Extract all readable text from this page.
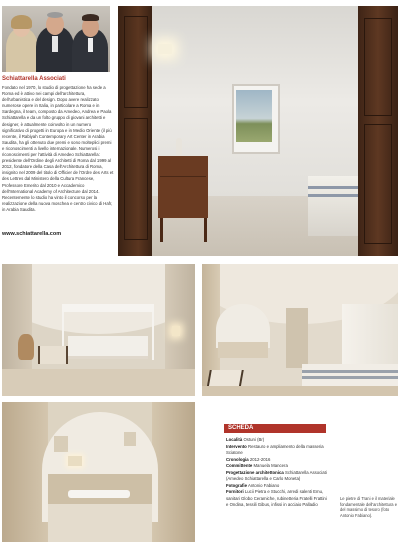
Schiattarella Associati
Fondato nel 1970, lo studio di progettazione ha sede a Roma ed è attivo nei campi dell'architettura, dell'urbanistica e del design. Dopo avere realizzato numerose opere in Italia, in particolare a Roma e in Sardegna, il team, composto da Amedeo, Andrea e Paola Schiattarella e da un folto gruppo di giovani architetti e designer, è attualmente coinvolto in un numero significativo di progetti in Europa e in Medio Oriente (il più recente, il Rabiyah Contemporary Art Center in Arabia Saudita, ha gli ottenuto due premi e sono molteplici premi e riconoscimenti a livello internazionale. Numerosi i riconoscimenti per l'attività di Amedeo Schiattarella: presidente dell'Ordine degli Architetti di Roma dal 1999 al 2012, fondatore della Casa dell'Architettura di Roma, insignito nel 2009 del titolo di Officier de l'Ordre des Arts et des Lettres dal Ministero della Cultura Francese, Professore Emerito dal 2010 e Accademico dell'International Academy of Architecture dal 2014. Recentemente lo studio ha vinto il concorso per la realizzazione della nuova moschea e centro civico di Hafr, in Arabia Saudita.
www.schiattarella.com
SCHEDA
Località Ostuni (Br)
Intervento Restauro e ampliamento della masseria Sciatone
Cronologia 2012-2016
Committente Manuela Mancera
Progettazione architettonica Schiattarella Associati (Amedeo Schiattarella e Carlo Moneta)
Fotografie Antonio Fabiano
Fornitori Lucii Pietra e Stucchi, arredi salenti Emu, sanitari Globo Ceramiche, rubinetteria Fratelli Frattini e Ondina, tessili Gibus, infissi in acciaio Palladio
Le pietre di Trani e il materiale fondamentale dell'architettura e del massimo di tesoro (foto Antonio Fabiano).
